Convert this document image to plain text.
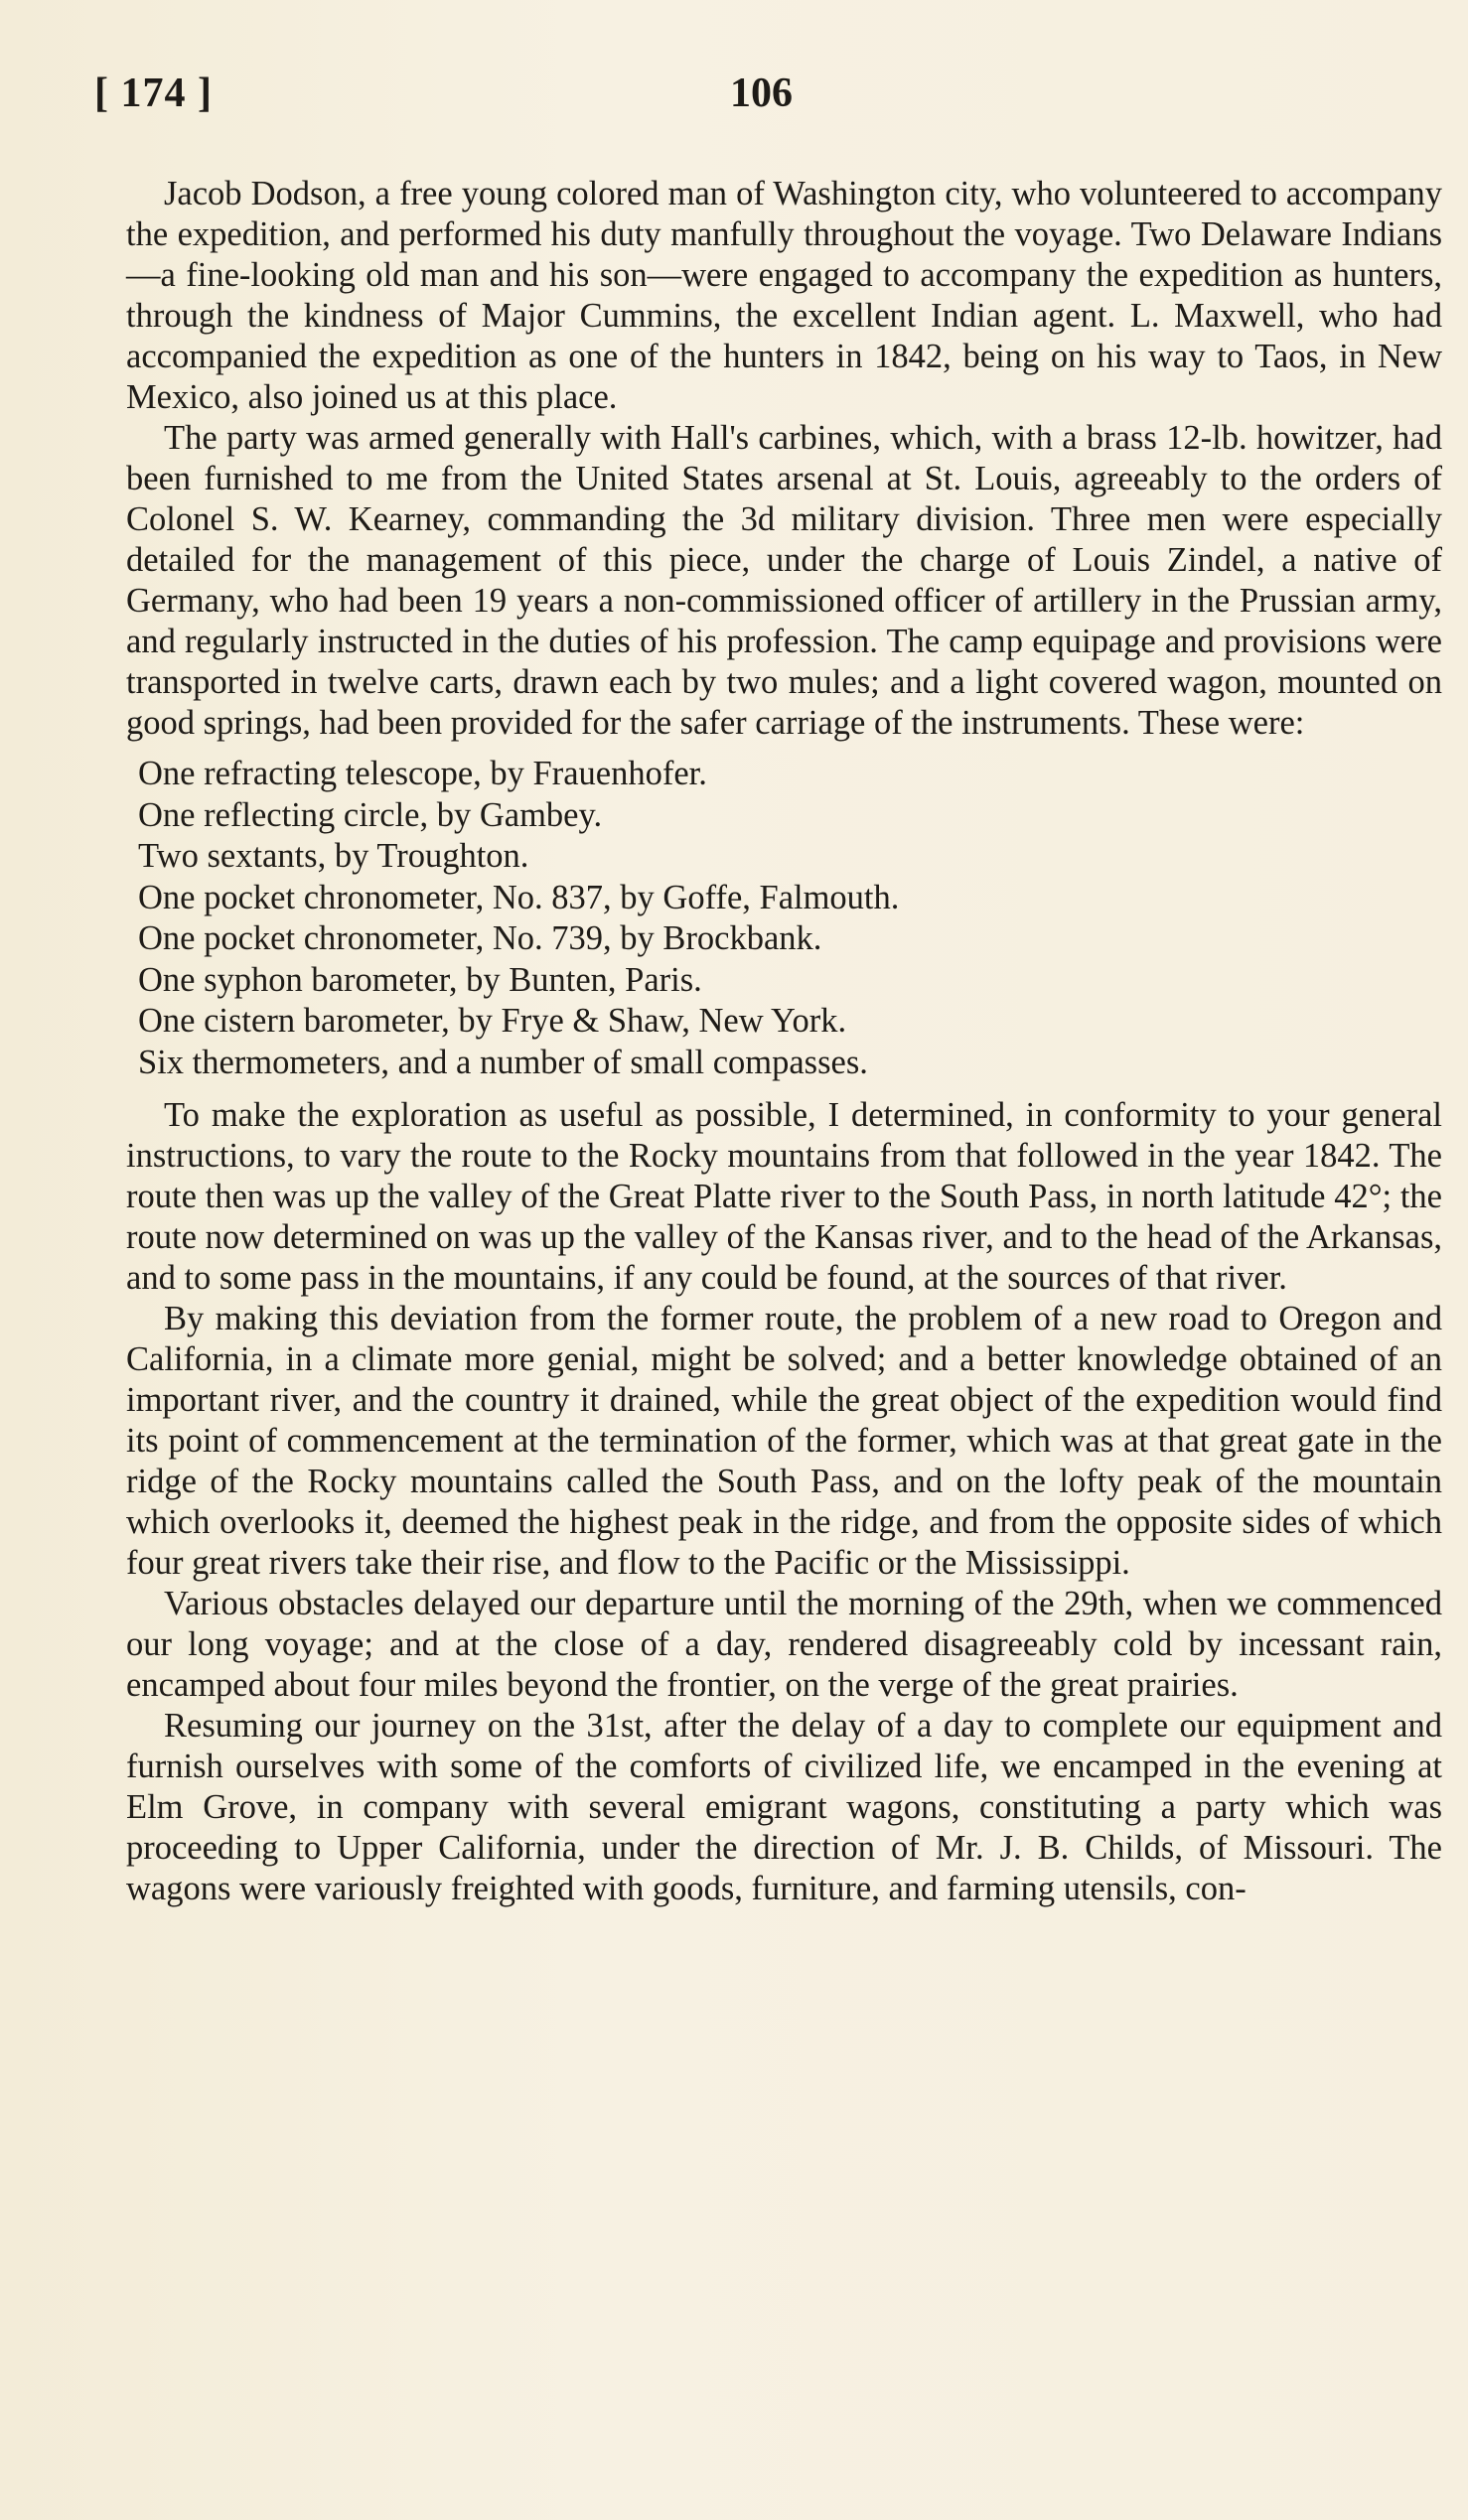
[ 174 ]	106

Jacob Dodson, a free young colored man of Washington city, who volunteered to accompany the expedition, and performed his duty manfully throughout the voyage. Two Delaware Indians—a fine-looking old man and his son—were engaged to accompany the expedition as hunters, through the kindness of Major Cummins, the excellent Indian agent. L. Maxwell, who had accompanied the expedition as one of the hunters in 1842, being on his way to Taos, in New Mexico, also joined us at this place.

The party was armed generally with Hall's carbines, which, with a brass 12-lb. howitzer, had been furnished to me from the United States arsenal at St. Louis, agreeably to the orders of Colonel S. W. Kearney, commanding the 3d military division. Three men were especially detailed for the management of this piece, under the charge of Louis Zindel, a native of Germany, who had been 19 years a non-commissioned officer of artillery in the Prussian army, and regularly instructed in the duties of his profession. The camp equipage and provisions were transported in twelve carts, drawn each by two mules; and a light covered wagon, mounted on good springs, had been provided for the safer carriage of the instruments. These were:

One refracting telescope, by Frauenhofer.
One reflecting circle, by Gambey.
Two sextants, by Troughton.
One pocket chronometer, No. 837, by Goffe, Falmouth.
One pocket chronometer, No. 739, by Brockbank.
One syphon barometer, by Bunten, Paris.
One cistern barometer, by Frye & Shaw, New York.
Six thermometers, and a number of small compasses.

To make the exploration as useful as possible, I determined, in conformity to your general instructions, to vary the route to the Rocky mountains from that followed in the year 1842. The route then was up the valley of the Great Platte river to the South Pass, in north latitude 42°; the route now determined on was up the valley of the Kansas river, and to the head of the Arkansas, and to some pass in the mountains, if any could be found, at the sources of that river.

By making this deviation from the former route, the problem of a new road to Oregon and California, in a climate more genial, might be solved; and a better knowledge obtained of an important river, and the country it drained, while the great object of the expedition would find its point of commencement at the termination of the former, which was at that great gate in the ridge of the Rocky mountains called the South Pass, and on the lofty peak of the mountain which overlooks it, deemed the highest peak in the ridge, and from the opposite sides of which four great rivers take their rise, and flow to the Pacific or the Mississippi.

Various obstacles delayed our departure until the morning of the 29th, when we commenced our long voyage; and at the close of a day, rendered disagreeably cold by incessant rain, encamped about four miles beyond the frontier, on the verge of the great prairies.

Resuming our journey on the 31st, after the delay of a day to complete our equipment and furnish ourselves with some of the comforts of civilized life, we encamped in the evening at Elm Grove, in company with several emigrant wagons, constituting a party which was proceeding to Upper California, under the direction of Mr. J. B. Childs, of Missouri. The wagons were variously freighted with goods, furniture, and farming utensils, con-
